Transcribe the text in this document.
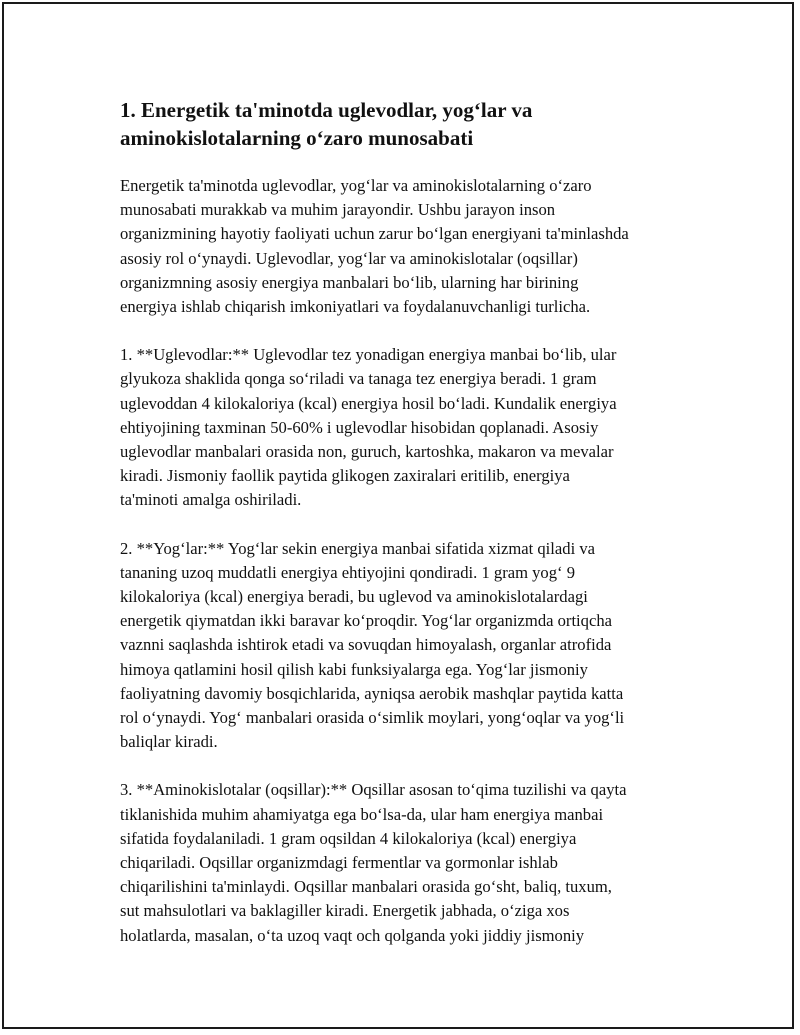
1. Energetik ta'minotda uglevodlar, yog‘lar va
aminokislotalarning o‘zaro munosabati

Energetik ta'minotda uglevodlar, yog‘lar va aminokislotalarning o‘zaro
munosabati murakkab va muhim jarayondir. Ushbu jarayon inson
organizmining hayotiy faoliyati uchun zarur bo‘lgan energiyani ta'minlashda
asosiy rol o‘ynaydi. Uglevodlar, yog‘lar va aminokislotalar (oqsillar)
organizmning asosiy energiya manbalari bo‘lib, ularning har birining
energiya ishlab chiqarish imkoniyatlari va foydalanuvchanligi turlicha.

1. **Uglevodlar:** Uglevodlar tez yonadigan energiya manbai bo‘lib, ular
glyukoza shaklida qonga so‘riladi va tanaga tez energiya beradi. 1 gram
uglevoddan 4 kilokaloriya (kcal) energiya hosil bo‘ladi. Kundalik energiya
ehtiyojining taxminan 50-60% i uglevodlar hisobidan qoplanadi. Asosiy
uglevodlar manbalari orasida non, guruch, kartoshka, makaron va mevalar
kiradi. Jismoniy faollik paytida glikogen zaxiralari eritilib, energiya
ta'minoti amalga oshiriladi.

2. **Yog‘lar:** Yog‘lar sekin energiya manbai sifatida xizmat qiladi va
tananing uzoq muddatli energiya ehtiyojini qondiradi. 1 gram yog‘ 9
kilokaloriya (kcal) energiya beradi, bu uglevod va aminokislotalardagi
energetik qiymatdan ikki baravar ko‘proqdir. Yog‘lar organizmda ortiqcha
vaznni saqlashda ishtirok etadi va sovuqdan himoyalash, organlar atrofida
himoya qatlamini hosil qilish kabi funksiyalarga ega. Yog‘lar jismoniy
faoliyatning davomiy bosqichlarida, ayniqsa aerobik mashqlar paytida katta
rol o‘ynaydi. Yog‘ manbalari orasida o‘simlik moylari, yong‘oqlar va yog‘li
baliqlar kiradi.

3. **Aminokislotalar (oqsillar):** Oqsillar asosan to‘qima tuzilishi va qayta
tiklanishida muhim ahamiyatga ega bo‘lsa-da, ular ham energiya manbai
sifatida foydalaniladi. 1 gram oqsildan 4 kilokaloriya (kcal) energiya
chiqariladi. Oqsillar organizmdagi fermentlar va gormonlar ishlab
chiqarilishini ta'minlaydi. Oqsillar manbalari orasida go‘sht, baliq, tuxum,
sut mahsulotlari va baklagiller kiradi. Energetik jabhada, o‘ziga xos
holatlarda, masalan, o‘ta uzoq vaqt och qolganda yoki jiddiy jismoniy
